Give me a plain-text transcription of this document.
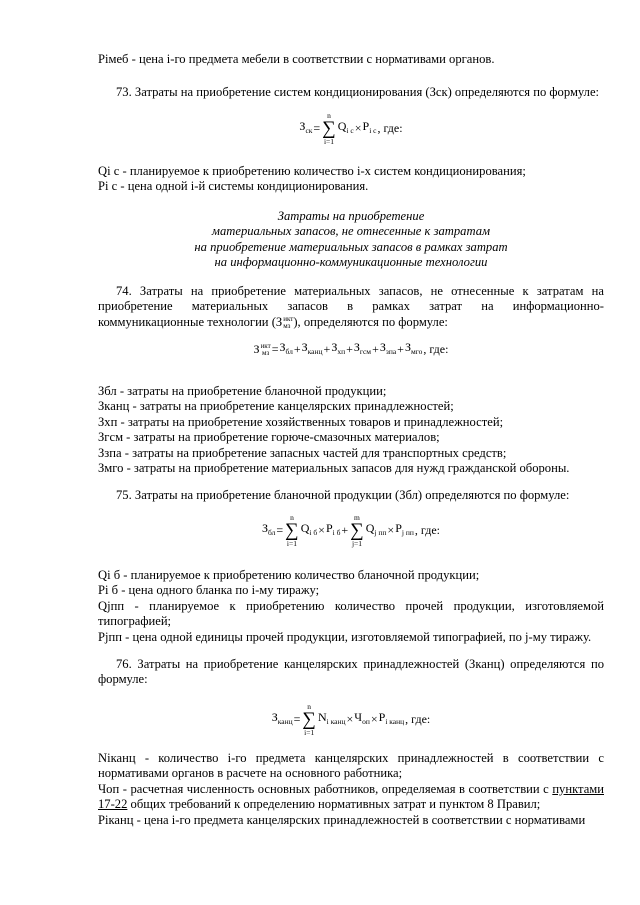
Piмеб - цена i-го предмета мебели в соответствии с нормативами органов.
73. Затраты на приобретение систем кондиционирования (Зск) определяются по формуле:
$З_{ск}$ =
n
∑
i=1
$Q_{i с} \times P_{i с}$ , где:
Qi с - планируемое к приобретению количество i-х систем кондиционирования;
Pi с - цена одной i-й системы кондиционирования.
Затраты на приобретение
материальных запасов, не отнесенные к затратам
на приобретение материальных запасов в рамках затрат
на информационно-коммуникационные технологии
74. Затраты на приобретение материальных запасов, не отнесенные к затратам на
приобретение материальных запасов в рамках затрат на информационно-
коммуникационные технологии (З икт
мз ), определяются по формуле:
З икт
мз = $З_{бл} + З_{канц} + З_{хп} + З_{гсм} + З_{зпа} + З_{мго}$ , где:
Збл - затраты на приобретение бланочной продукции;
Зканц - затраты на приобретение канцелярских принадлежностей;
Зхп - затраты на приобретение хозяйственных товаров и принадлежностей;
Згсм - затраты на приобретение горюче-смазочных материалов;
Ззпа - затраты на приобретение запасных частей для транспортных средств;
Змго - затраты на приобретение материальных запасов для нужд гражданской обороны.
75. Затраты на приобретение бланочной продукции (Збл) определяются по формуле:
$З_{бл}$ =
n
∑
i=1
$Q_{i б} \times P_{i б}$ +
m
∑
j=1
$Q_{j пп} \times P_{j пп}$ , где:
Qi б - планируемое к приобретению количество бланочной продукции;
Pi б - цена одного бланка по i-му тиражу;
Qjпп - планируемое к приобретению количество прочей продукции, изготовляемой типографией;
Pjпп - цена одной единицы прочей продукции, изготовляемой типографией, по j-му тиражу.
76. Затраты на приобретение канцелярских принадлежностей (Зканц) определяются по формуле:
$З_{канц}$ =
n
∑
i=1
$N_{i канц} \times Ч_{оп} \times P_{i канц}$ , где:
Niканц - количество i-го предмета канцелярских принадлежностей в соответствии с нормативами органов в расчете на основного работника;
Чоп - расчетная численность основных работников, определяемая в соответствии с пунктами 17-22 общих требований к определению нормативных затрат и пунктом 8 Правил;
Piканц - цена i-го предмета канцелярских принадлежностей в соответствии с нормативами
